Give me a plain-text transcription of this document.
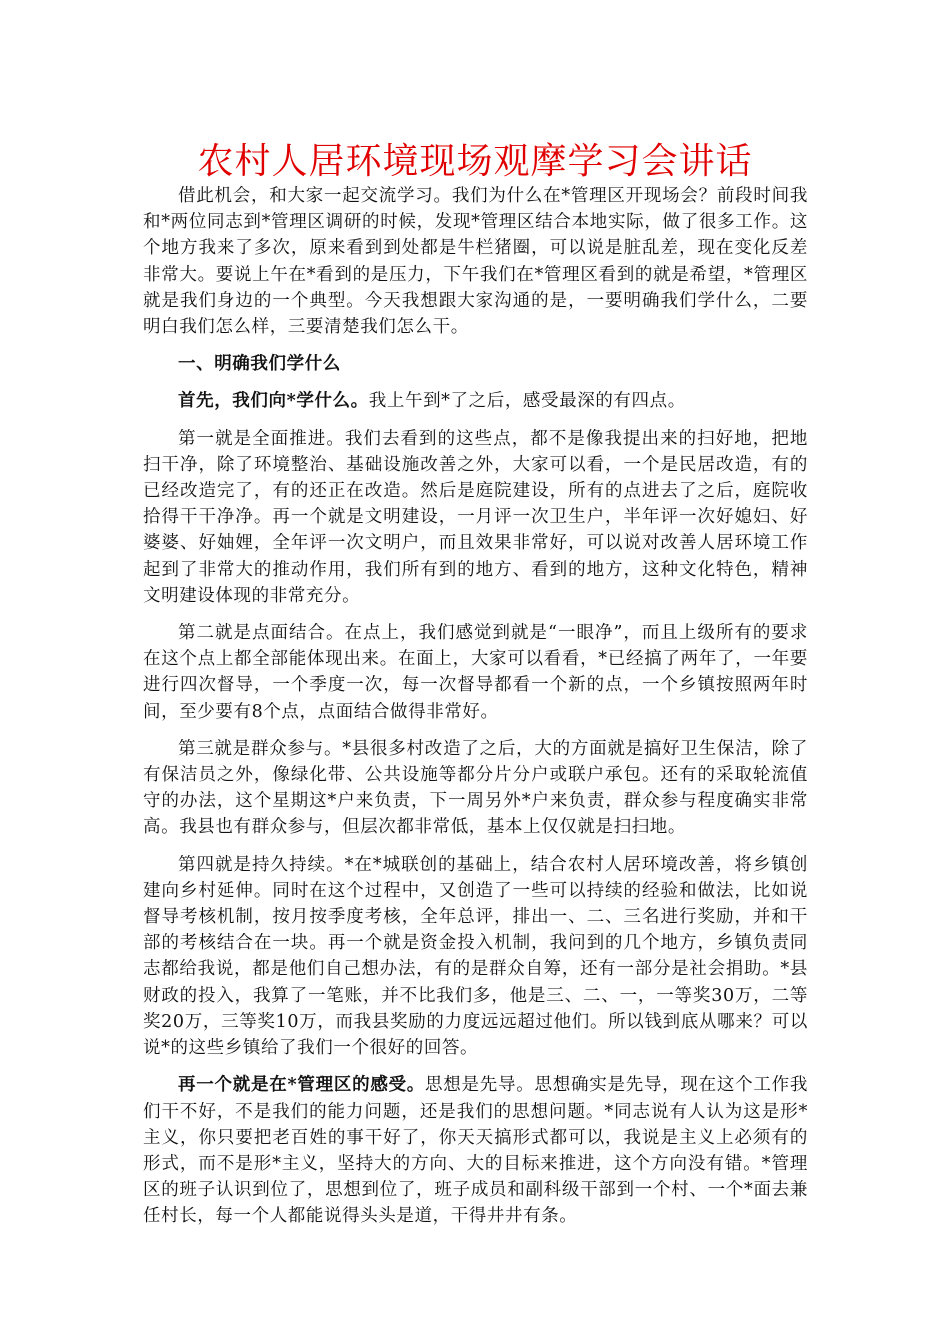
农村人居环境现场观摩学习会讲话

借此机会，和大家一起交流学习。我们为什么在*管理区开现场会？前段时间我和*两位同志到*管理区调研的时候，发现*管理区结合本地实际，做了很多工作。这个地方我来了多次，原来看到到处都是牛栏猪圈，可以说是脏乱差，现在变化反差非常大。要说上午在*看到的是压力，下午我们在*管理区看到的就是希望，*管理区就是我们身边的一个典型。今天我想跟大家沟通的是，一要明确我们学什么，二要明白我们怎么样，三要清楚我们怎么干。

一、明确我们学什么

首先，我们向*学什么。我上午到*了之后，感受最深的有四点。

第一就是全面推进。我们去看到的这些点，都不是像我提出来的扫好地，把地扫干净，除了环境整治、基础设施改善之外，大家可以看，一个是民居改造，有的已经改造完了，有的还正在改造。然后是庭院建设，所有的点进去了之后，庭院收拾得干干净净。再一个就是文明建设，一月评一次卫生户，半年评一次好媳妇、好婆婆、好妯娌，全年评一次文明户，而且效果非常好，可以说对改善人居环境工作起到了非常大的推动作用，我们所有到的地方、看到的地方，这种文化特色，精神文明建设体现的非常充分。

第二就是点面结合。在点上，我们感觉到就是“一眼净”，而且上级所有的要求在这个点上都全部能体现出来。在面上，大家可以看看，*已经搞了两年了，一年要进行四次督导，一个季度一次，每一次督导都看一个新的点，一个乡镇按照两年时间，至少要有8个点，点面结合做得非常好。

第三就是群众参与。*县很多村改造了之后，大的方面就是搞好卫生保洁，除了有保洁员之外，像绿化带、公共设施等都分片分户或联户承包。还有的采取轮流值守的办法，这个星期这*户来负责，下一周另外*户来负责，群众参与程度确实非常高。我县也有群众参与，但层次都非常低，基本上仅仅就是扫扫地。

第四就是持久持续。*在*城联创的基础上，结合农村人居环境改善，将乡镇创建向乡村延伸。同时在这个过程中，又创造了一些可以持续的经验和做法，比如说督导考核机制，按月按季度考核，全年总评，排出一、二、三名进行奖励，并和干部的考核结合在一块。再一个就是资金投入机制，我问到的几个地方，乡镇负责同志都给我说，都是他们自己想办法，有的是群众自筹，还有一部分是社会捐助。*县财政的投入，我算了一笔账，并不比我们多，他是三、二、一，一等奖30万，二等奖20万，三等奖10万，而我县奖励的力度远远超过他们。所以钱到底从哪来？可以说*的这些乡镇给了我们一个很好的回答。

再一个就是在*管理区的感受。思想是先导。思想确实是先导，现在这个工作我们干不好，不是我们的能力问题，还是我们的思想问题。*同志说有人认为这是形*主义，你只要把老百姓的事干好了，你天天搞形式都可以，我说是主义上必须有的形式，而不是形*主义，坚持大的方向、大的目标来推进，这个方向没有错。*管理区的班子认识到位了，思想到位了，班子成员和副科级干部到一个村、一个*面去兼任村长，每一个人都能说得头头是道，干得井井有条。
